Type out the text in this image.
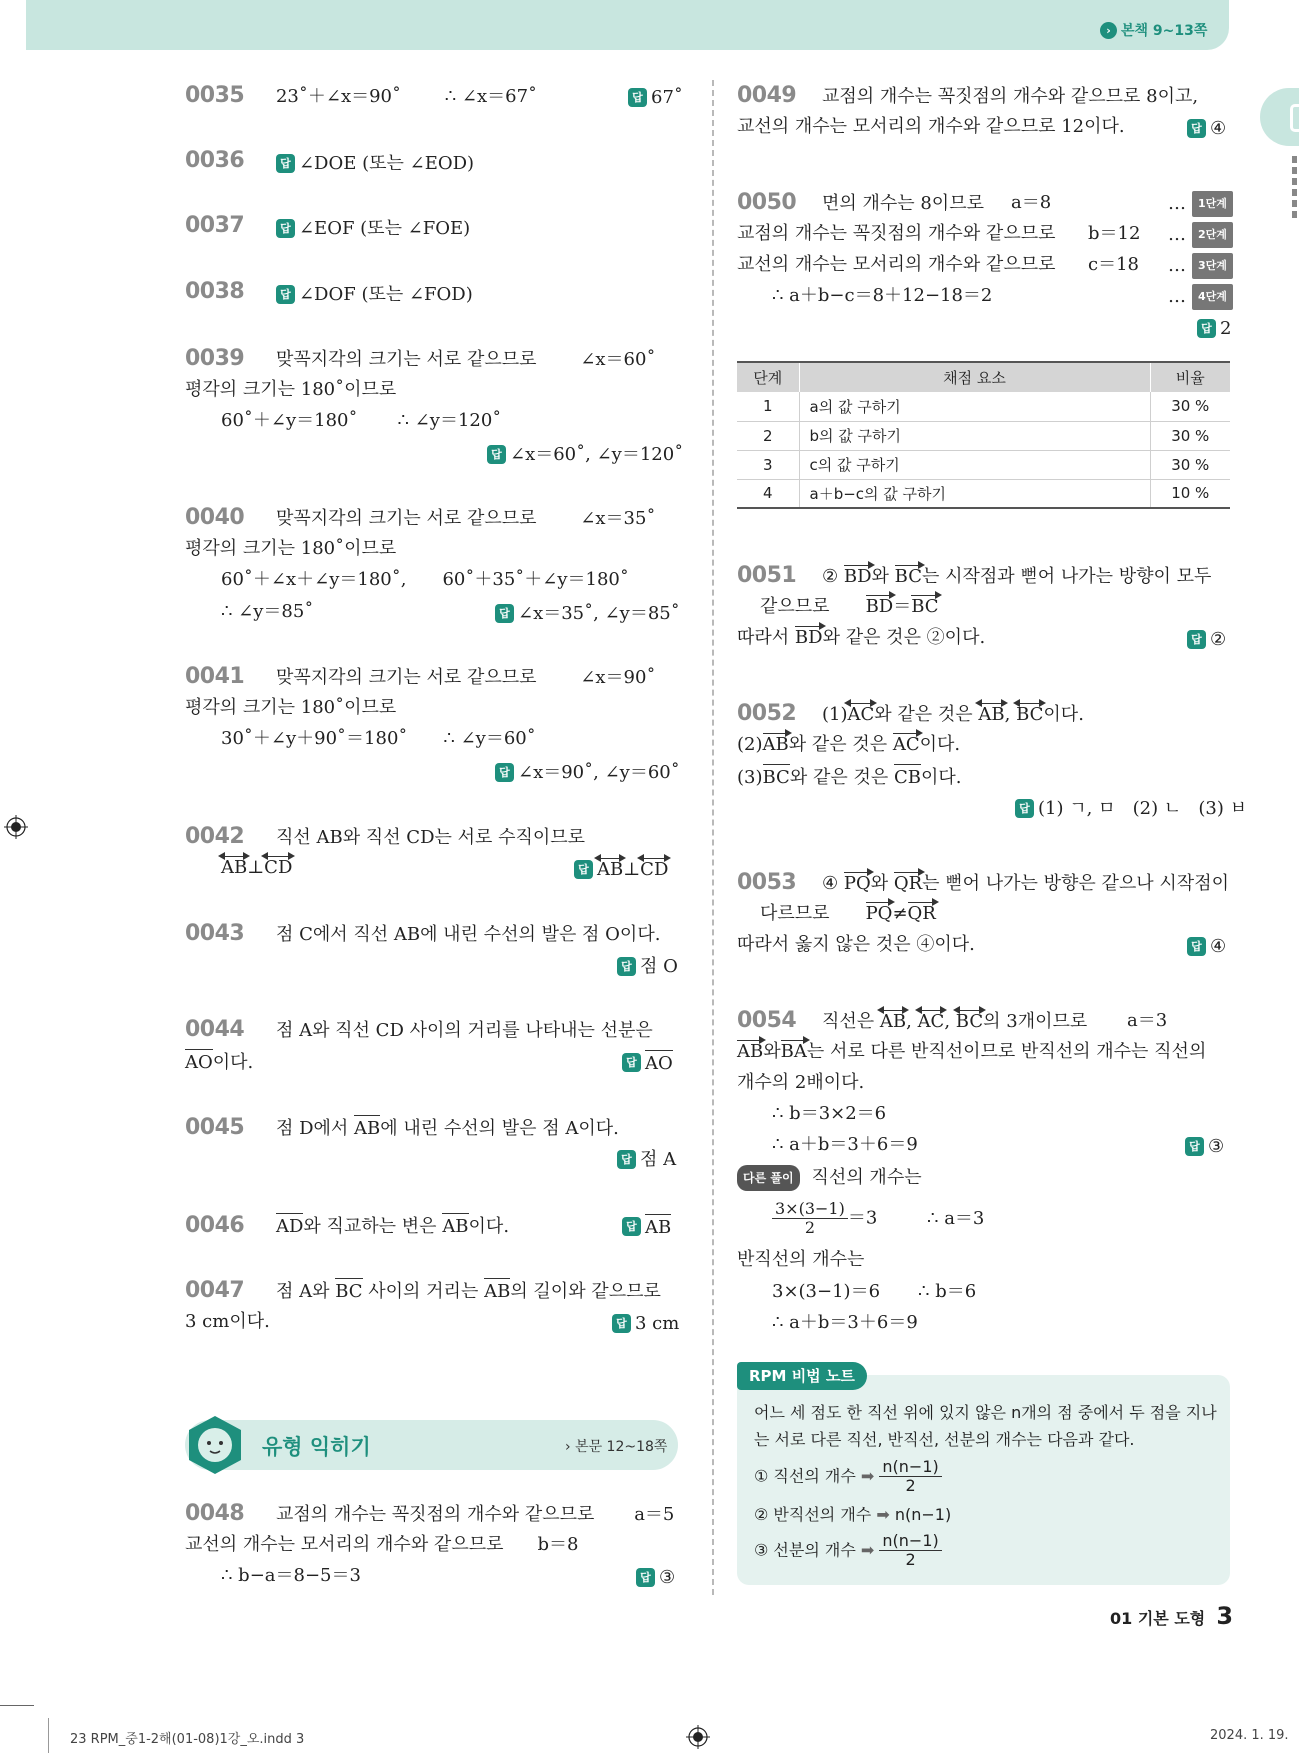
› 본책 9~13쪽
0035 23˚＋∠x＝90˚ ∴ ∠x＝67˚	답 67˚
0036	답 ∠DOE (또는 ∠EOD)
0037	답 ∠EOF (또는 ∠FOE)
0038	답 ∠DOF (또는 ∠FOD)
0039 맞꼭지각의 크기는 서로 같으므로 ∠x＝60˚
평각의 크기는 180˚이므로
60˚＋∠y＝180˚ ∴ ∠y＝120˚
답 ∠x＝60˚, ∠y＝120˚
0040 맞꼭지각의 크기는 서로 같으므로 ∠x＝35˚
평각의 크기는 180˚이므로
60˚＋∠x＋∠y＝180˚, 60˚＋35˚＋∠y＝180˚
∴ ∠y＝85˚	답 ∠x＝35˚, ∠y＝85˚
0041 맞꼭지각의 크기는 서로 같으므로 ∠x＝90˚
평각의 크기는 180˚이므로
30˚＋∠y＋90˚＝180˚ ∴ ∠y＝60˚
답 ∠x＝90˚, ∠y＝60˚
0042 직선 AB와 직선 CD는 서로 수직이므로
AB⊥
CD	답 AB ⊥ CD
0043 점 C에서 직선 AB에 내린 수선의 발은 점 O이다.
답 점 O
0044 점 A와 직선 CD 사이의 거리를 나타내는 선분은
AO이다.	답 AO
0045 점 D에서 AB에 내린 수선의 발은 점 A이다.
답 점 A
0046 AD와 직교하는 변은 AB이다.	답 AB
0047 점 A와 BC 사이의 거리는 AB의 길이와 같으므로
3 cm이다.	답 3 cm
유형 익히기	› 본문 12~18쪽
0048 교점의 개수는 꼭짓점의 개수와 같으므로 a＝5
교선의 개수는 모서리의 개수와 같으므로 b＝8
∴ b−a＝8−5＝3	답 ③
0049 교점의 개수는 꼭짓점의 개수와 같으므로 8이고,
교선의 개수는 모서리의 개수와 같으므로 12이다.	답 ④
0050 면의 개수는 8이므로 a＝8
교점의 개수는 꼭짓점의 개수와 같으므로 b＝12
교선의 개수는 모서리의 개수와 같으므로 c＝18
∴ a＋b−c＝8＋12−18＝2
… 1단계
… 2단계
… 3단계
… 4단계
답 2
단계	채점 요소	비율
1	a의 값 구하기	30 %
2	b의 값 구하기	30 %
3	c의 값 구하기	30 %
4	a＋b−c의 값 구하기	10 %
0051 ② BD와 BC는 시작점과 뻗어 나가는 방향이 모두
같으므로 BD＝BC
따라서 BD와 같은 것은 ②이다.	답 ②
0052 (1)
AC와 같은 것은 AB, BC이다.
(2)AB와 같은 것은 AC이다.
(3)BC와 같은 것은 CB이다.
답 (1) ㄱ, ㅁ   (2) ㄴ   (3) ㅂ
0053 ④ PQ와 QR는 뻗어 나가는 방향은 같으나 시작점이
다르므로 PQ≠QR
따라서 옳지 않은 것은 ④이다.	답 ④
0054 직선은 AB,
AC,
BC의 3개이므로 a＝3
AB와BA는 서로 다른 반직선이므로 반직선의 개수는 직선의
개수의 2배이다.
∴ b＝3×2＝6
∴ a＋b＝3＋6＝9	답 ③
다른 풀이 직선의 개수는
$\frac{3\times(3-1)}{2} =3$	∴ a＝3
반직선의 개수는
3×(3−1)＝6 ∴ b＝6
∴ a＋b＝3＋6＝9
RPM 비법 노트
어느 세 점도 한 직선 위에 있지 않은 n개의 점 중에서 두 점을 지나
는 서로 다른 직선, 반직선, 선분의 개수는 다음과 같다.
① 직선의 개수 ➡ $\frac{n(n-1)}{2}$
② 반직선의 개수 ➡ n(n−1)
③ 선분의 개수 ➡ $\frac{n(n-1)}{2}$
01 기본 도형 3
23 RPM_중1-2해(01-08)1강_오.indd 3	2024. 1. 19.
